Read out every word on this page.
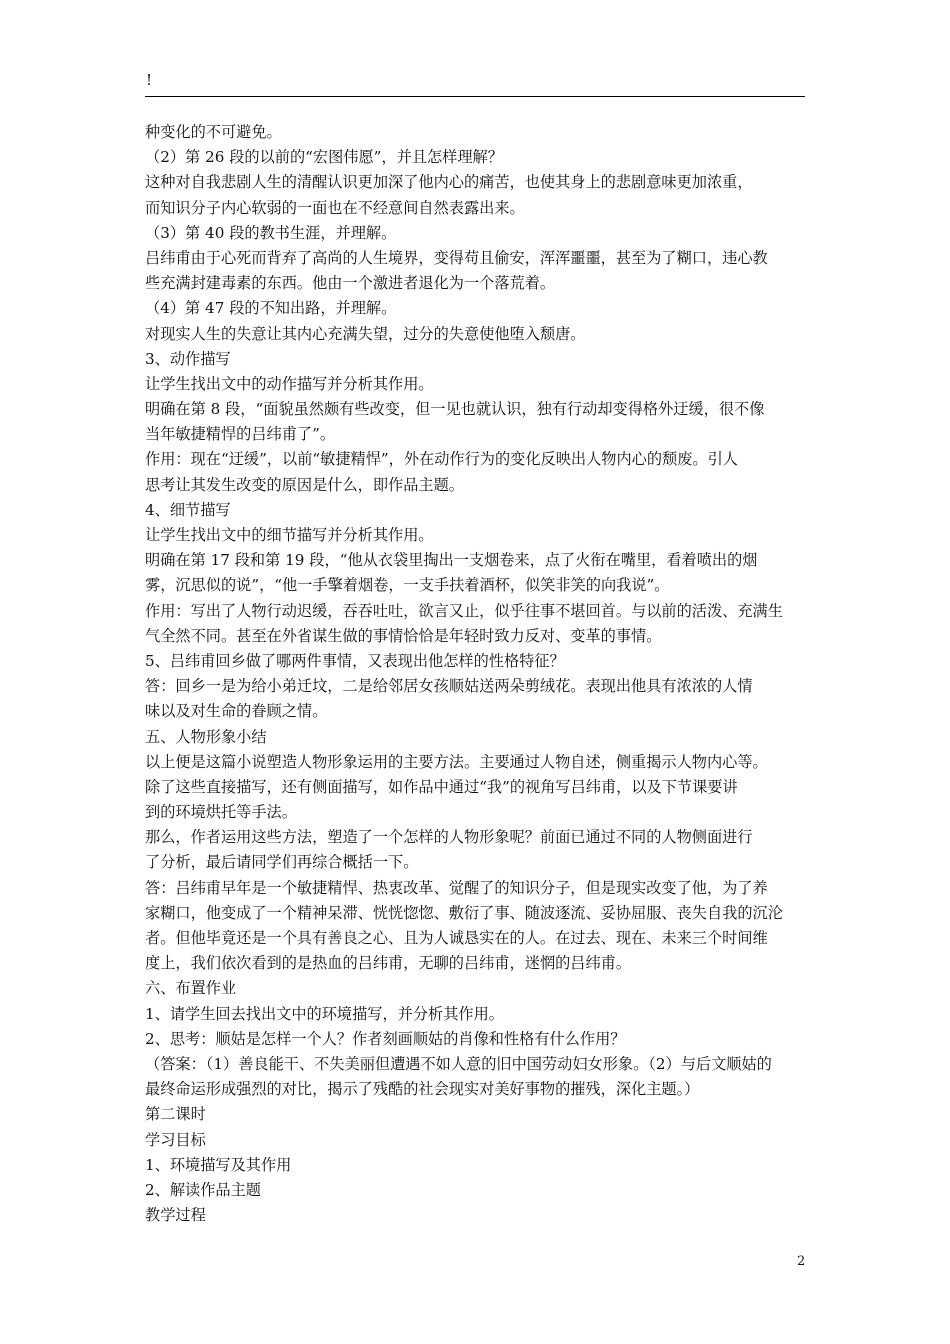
!
种变化的不可避免。
（2）第 26 段的以前的“宏图伟愿”，并且怎样理解？
这种对自我悲剧人生的清醒认识更加深了他内心的痛苦，也使其身上的悲剧意味更加浓重，
而知识分子内心软弱的一面也在不经意间自然表露出来。
（3）第 40 段的教书生涯，并理解。
吕纬甫由于心死而背弃了高尚的人生境界，变得苟且偷安，浑浑噩噩，甚至为了糊口，违心教
些充满封建毒素的东西。他由一个激进者退化为一个落荒着。
（4）第 47 段的不知出路，并理解。
对现实人生的失意让其内心充满失望，过分的失意使他堕入颓唐。
3、动作描写
让学生找出文中的动作描写并分析其作用。
明确在第 8 段，“面貌虽然颇有些改变，但一见也就认识，独有行动却变得格外迂缓，很不像
当年敏捷精悍的吕纬甫了”。
作用：现在“迂缓”，以前“敏捷精悍”，外在动作行为的变化反映出人物内心的颓废。引人
思考让其发生改变的原因是什么，即作品主题。
4、细节描写
让学生找出文中的细节描写并分析其作用。
明确在第 17 段和第 19 段，“他从衣袋里掏出一支烟卷来，点了火衔在嘴里，看着喷出的烟
雾，沉思似的说”，“他一手擎着烟卷，一支手扶着酒杯，似笑非笑的向我说”。
作用：写出了人物行动迟缓，吞吞吐吐，欲言又止，似乎往事不堪回首。与以前的活泼、充满生
气全然不同。甚至在外省谋生做的事情恰恰是年轻时致力反对、变革的事情。
5、吕纬甫回乡做了哪两件事情，又表现出他怎样的性格特征？
答：回乡一是为给小弟迁坟，二是给邻居女孩顺姑送两朵剪绒花。表现出他具有浓浓的人情
味以及对生命的眷顾之情。
五、人物形象小结
以上便是这篇小说塑造人物形象运用的主要方法。主要通过人物自述，侧重揭示人物内心等。
除了这些直接描写，还有侧面描写，如作品中通过“我”的视角写吕纬甫，以及下节课要讲
到的环境烘托等手法。
那么，作者运用这些方法，塑造了一个怎样的人物形象呢？前面已通过不同的人物侧面进行
了分析，最后请同学们再综合概括一下。
答：吕纬甫早年是一个敏捷精悍、热衷改革、觉醒了的知识分子，但是现实改变了他，为了养
家糊口，他变成了一个精神呆滞、恍恍惚惚、敷衍了事、随波逐流、妥协屈服、丧失自我的沉沦
者。但他毕竟还是一个具有善良之心、且为人诚恳实在的人。在过去、现在、未来三个时间维
度上，我们依次看到的是热血的吕纬甫，无聊的吕纬甫，迷惘的吕纬甫。
六、布置作业
1、请学生回去找出文中的环境描写，并分析其作用。
2、思考：顺姑是怎样一个人？作者刻画顺姑的肖像和性格有什么作用？
（答案：（1）善良能干、不失美丽但遭遇不如人意的旧中国劳动妇女形象。（2）与后文顺姑的
最终命运形成强烈的对比，揭示了残酷的社会现实对美好事物的摧残，深化主题。）
第二课时
学习目标
1、环境描写及其作用
2、解读作品主题
教学过程
2
